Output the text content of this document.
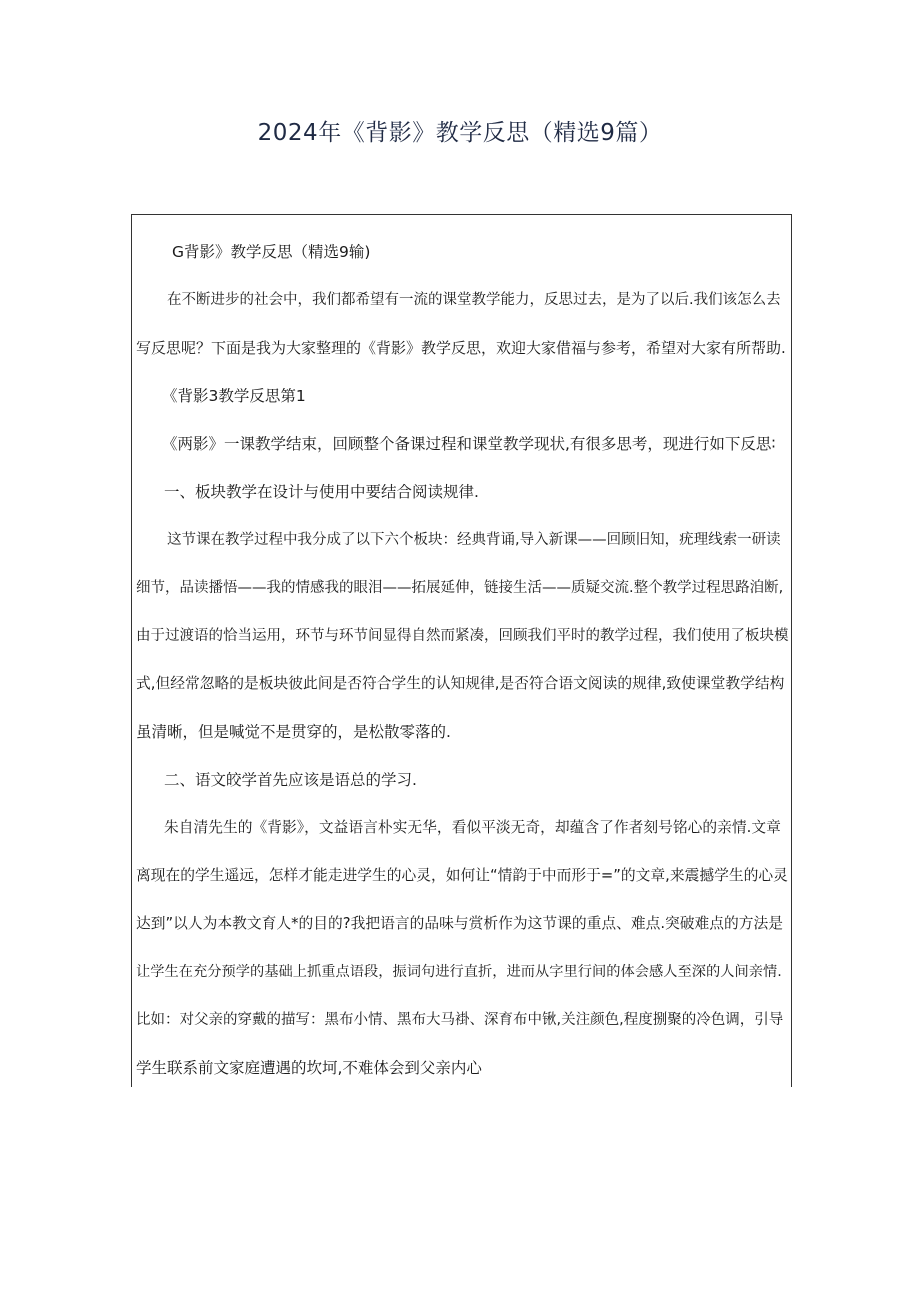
2024年《背影》教学反思（精选9篇）
G背影》教学反思（精选9输)
在不断进步的社会中，我们都希望有一流的课堂教学能力，反思过去，是为了以后.我们该怎么去
写反思呢？下面是我为大家整理的《背影》教学反思，欢迎大家借福与参考，希望对大家有所帮助.
《背影3教学反思第1
《两影》一课教学结束，回顾整个备课过程和课堂教学现状,有很多思考，现进行如下反思∶
一、板块教学在设计与使用中要结合阅读规律.
这节课在教学过程中我分成了以下六个板块：经典背诵,导入新课——回顾旧知，疣理线索一研读
细节，品读播悟——我的情感我的眼泪——拓展延伸，链接生活——质疑交流.整个教学过程思路洎断,
由于过渡语的恰当运用，环节与环节间显得自然而紧凑，回顾我们平时的教学过程，我们使用了板块模
式,但经常忽略的是板块彼此间是否符合学生的认知规律,是否符合语文阅读的规律,致使课堂教学结构
虽清晰，但是喊觉不是贯穿的，是松散零落的.
二、语文皎学首先应该是语总的学习.
朱自清先生的《背影》，文益语言朴实无华，看似平淡无奇，却蕴含了作者刻号铭心的亲情.文章
离现在的学生遥远，怎样才能走进学生的心灵，如何让“情韵于中而形于=”的文章,来震撼学生的心灵
达到”以人为本教文育人*的目的?我把语言的品味与赏析作为这节课的重点、难点.突破难点的方法是
让学生在充分预学的基础上抓重点语段，振词句进行直折，进而从字里行间的体会感人至深的人间亲情.
比如：对父亲的穿戴的描写：黑布小情、黑布大马褂、深育布中锹,关注颜色,程度捌聚的冷色调，引导
学生联系前文家庭遭遇的坎坷,不难体会到父亲内心
